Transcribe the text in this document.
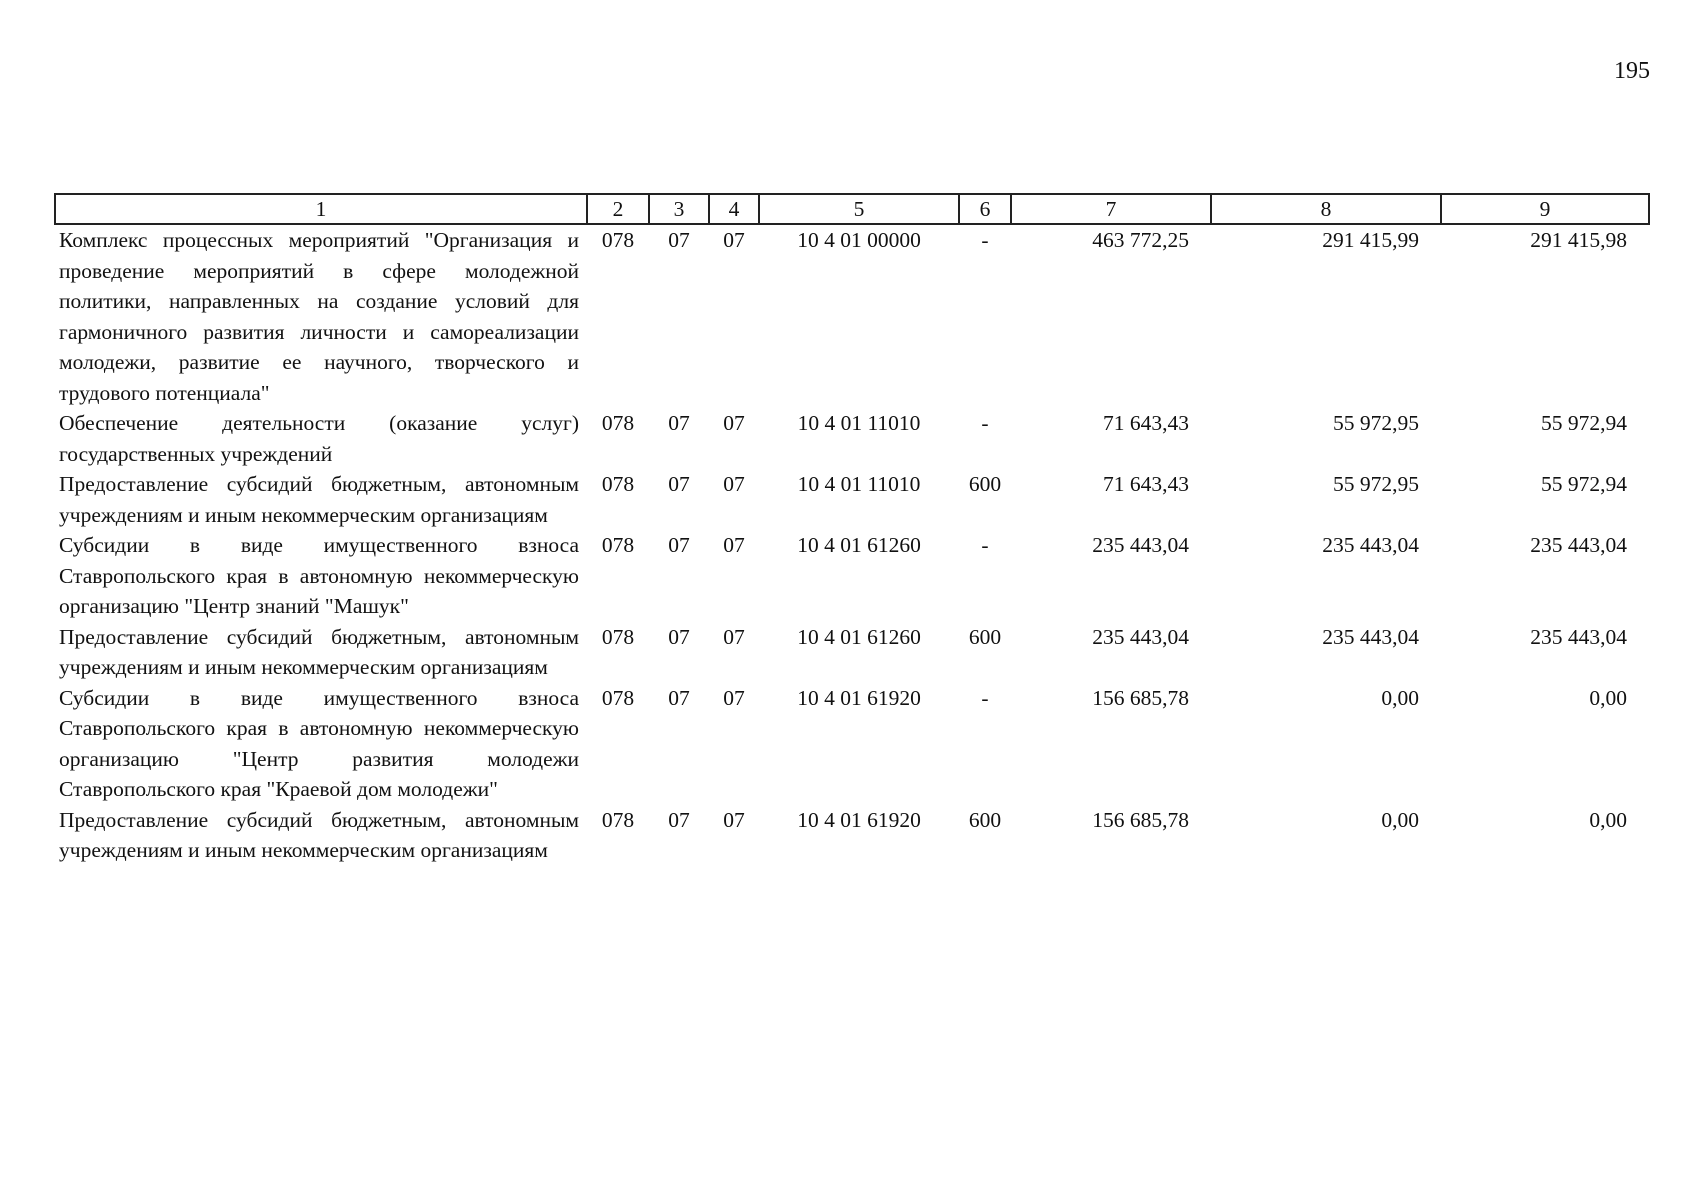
195
1	2	3	4	5	6	7	8	9
Комплекс процессных мероприятий "Организация и проведение мероприятий в сфере молодежной политики, направленных на создание условий для гармоничного развития личности и самореализации молодежи, развитие ее научного, творческого и трудового потенциала"	078	07	07	10 4 01 00000	-	463 772,25	291 415,99	291 415,98
Обеспечение деятельности (оказание услуг) государственных учреждений	078	07	07	10 4 01 11010	-	71 643,43	55 972,95	55 972,94
Предоставление субсидий бюджетным, автономным учреждениям и иным некоммерческим организациям	078	07	07	10 4 01 11010	600	71 643,43	55 972,95	55 972,94
Субсидии в виде имущественного взноса Ставропольского края в автономную некоммерческую организацию "Центр знаний "Машук"	078	07	07	10 4 01 61260	-	235 443,04	235 443,04	235 443,04
Предоставление субсидий бюджетным, автономным учреждениям и иным некоммерческим организациям	078	07	07	10 4 01 61260	600	235 443,04	235 443,04	235 443,04
Субсидии в виде имущественного взноса Ставропольского края в автономную некоммерческую организацию "Центр развития молодежи Ставропольского края "Краевой дом молодежи"	078	07	07	10 4 01 61920	-	156 685,78	0,00	0,00
Предоставление субсидий бюджетным, автономным учреждениям и иным некоммерческим организациям	078	07	07	10 4 01 61920	600	156 685,78	0,00	0,00
